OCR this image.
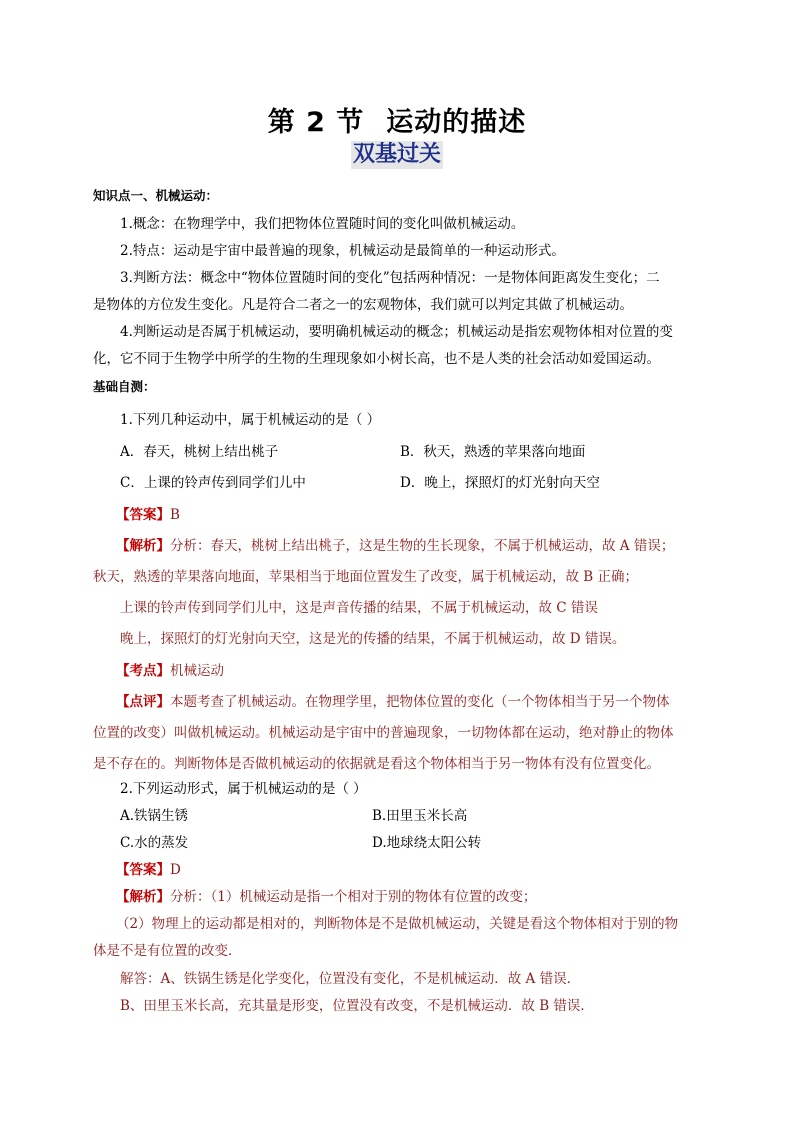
第 2 节 运动的描述
双基过关
知识点一、机械运动：
1.概念：在物理学中，我们把物体位置随时间的变化叫做机械运动。
2.特点：运动是宇宙中最普遍的现象，机械运动是最简单的一种运动形式。
3.判断方法：概念中“物体位置随时间的变化”包括两种情况：一是物体间距离发生变化；二
是物体的方位发生变化。凡是符合二者之一的宏观物体，我们就可以判定其做了机械运动。
4.判断运动是否属于机械运动，要明确机械运动的概念；机械运动是指宏观物体相对位置的变
化，它不同于生物学中所学的生物的生理现象如小树长高，也不是人类的社会活动如爱国运动。
基础自测：
1.下列几种运动中，属于机械运动的是（ ）
A．春天，桃树上结出桃子	B．秋天，熟透的苹果落向地面
C．上课的铃声传到同学们儿中	D．晚上，探照灯的灯光射向天空
【答案】B
【解析】分析：春天，桃树上结出桃子，这是生物的生长现象，不属于机械运动，故 A 错误；
秋天，熟透的苹果落向地面，苹果相当于地面位置发生了改变，属于机械运动，故 B 正确；
上课的铃声传到同学们儿中，这是声音传播的结果，不属于机械运动，故 C 错误
晚上，探照灯的灯光射向天空，这是光的传播的结果，不属于机械运动，故 D 错误。
【考点】机械运动
【点评】本题考查了机械运动。在物理学里，把物体位置的变化（一个物体相当于另一个物体
位置的改变）叫做机械运动。机械运动是宇宙中的普遍现象，一切物体都在运动，绝对静止的物体
是不存在的。判断物体是否做机械运动的依据就是看这个物体相当于另一物体有没有位置变化。
2.下列运动形式，属于机械运动的是（ ）
A.铁锅生锈	B.田里玉米长高
C.水的蒸发	D.地球绕太阳公转
【答案】D
【解析】分析：（1）机械运动是指一个相对于别的物体有位置的改变；
（2）物理上的运动都是相对的，判断物体是不是做机械运动，关键是看这个物体相对于别的物
体是不是有位置的改变．
解答：A、铁锅生锈是化学变化，位置没有变化，不是机械运动．故 A 错误．
B、田里玉米长高，充其量是形变，位置没有改变，不是机械运动．故 B 错误．
